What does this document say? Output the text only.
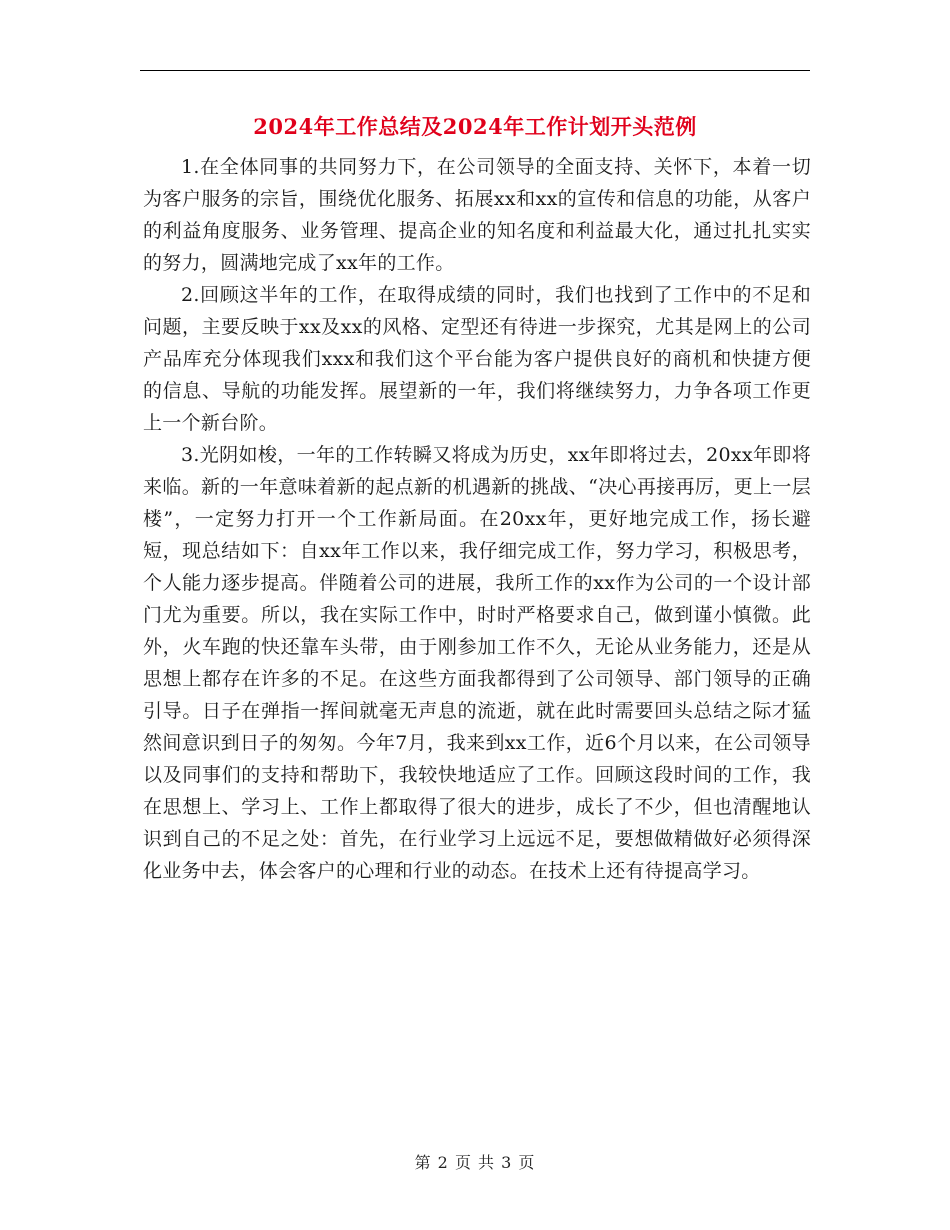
2024年工作总结及2024年工作计划开头范例

1.在全体同事的共同努力下，在公司领导的全面支持、关怀下，本着一切为客户服务的宗旨，围绕优化服务、拓展xx和xx的宣传和信息的功能，从客户的利益角度服务、业务管理、提高企业的知名度和利益最大化，通过扎扎实实的努力，圆满地完成了xx年的工作。

2.回顾这半年的工作，在取得成绩的同时，我们也找到了工作中的不足和问题，主要反映于xx及xx的风格、定型还有待进一步探究，尤其是网上的公司产品库充分体现我们xxx和我们这个平台能为客户提供良好的商机和快捷方便的信息、导航的功能发挥。展望新的一年，我们将继续努力，力争各项工作更上一个新台阶。

3.光阴如梭，一年的工作转瞬又将成为历史，xx年即将过去，20xx年即将来临。新的一年意味着新的起点新的机遇新的挑战、“决心再接再厉，更上一层楼”，一定努力打开一个工作新局面。在20xx年，更好地完成工作，扬长避短，现总结如下：自xx年工作以来，我仔细完成工作，努力学习，积极思考，个人能力逐步提高。伴随着公司的进展，我所工作的xx作为公司的一个设计部门尤为重要。所以，我在实际工作中，时时严格要求自己，做到谨小慎微。此外，火车跑的快还靠车头带，由于刚参加工作不久，无论从业务能力，还是从思想上都存在许多的不足。在这些方面我都得到了公司领导、部门领导的正确引导。日子在弹指一挥间就毫无声息的流逝，就在此时需要回头总结之际才猛然间意识到日子的匆匆。今年7月，我来到xx工作，近6个月以来，在公司领导以及同事们的支持和帮助下，我较快地适应了工作。回顾这段时间的工作，我在思想上、学习上、工作上都取得了很大的进步，成长了不少，但也清醒地认识到自己的不足之处：首先，在行业学习上远远不足，要想做精做好必须得深化业务中去，体会客户的心理和行业的动态。在技术上还有待提高学习。

第 2 页 共 3 页
